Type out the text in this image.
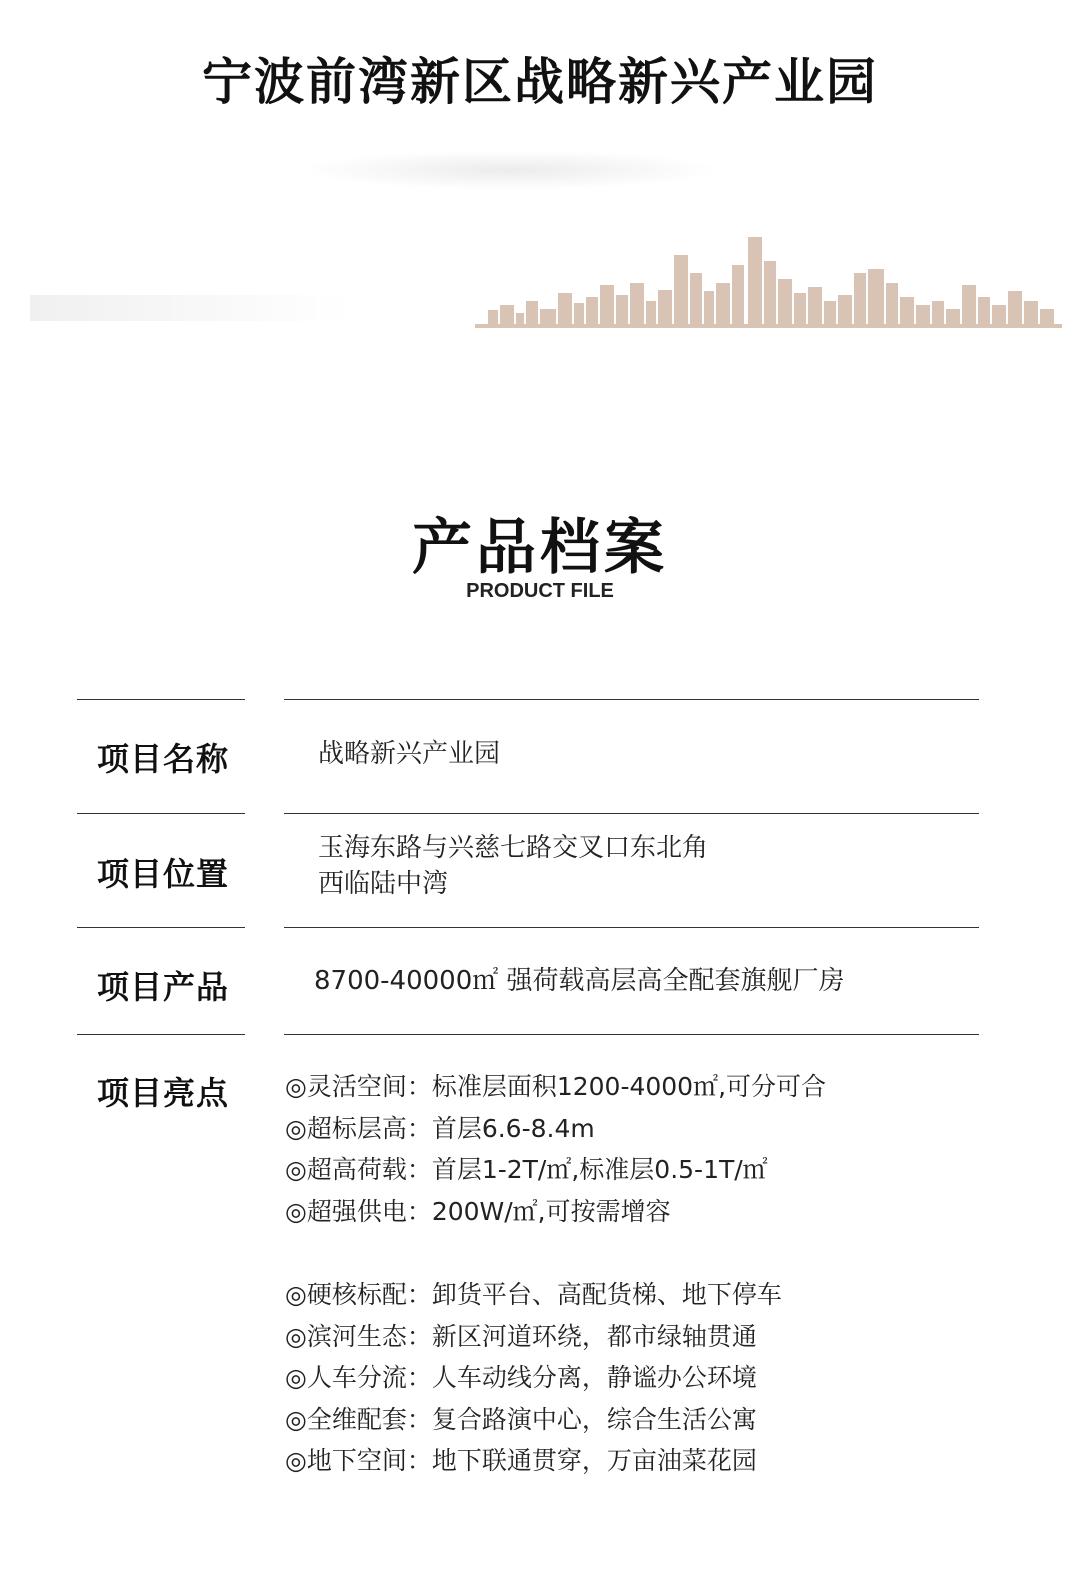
宁波前湾新区战略新兴产业园
产品档案
PRODUCT FILE
项目名称	战略新兴产业园
项目位置
玉海东路与兴慈七路交叉口东北角
西临陆中湾
项目产品	8700-40000㎡ 强荷载高层高全配套旗舰厂房
项目亮点 ◎灵活空间：标准层面积1200-4000㎡,可分可合
◎超标层高：首层6.6-8.4m
◎超高荷载：首层1-2T/㎡,标准层0.5-1T/㎡
◎超强供电：200W/㎡,可按需增容
◎硬核标配：卸货平台、高配货梯、地下停车
◎滨河生态：新区河道环绕，都市绿轴贯通
◎人车分流：人车动线分离，静谧办公环境
◎全维配套：复合路演中心，综合生活公寓
◎地下空间：地下联通贯穿，万亩油菜花园
